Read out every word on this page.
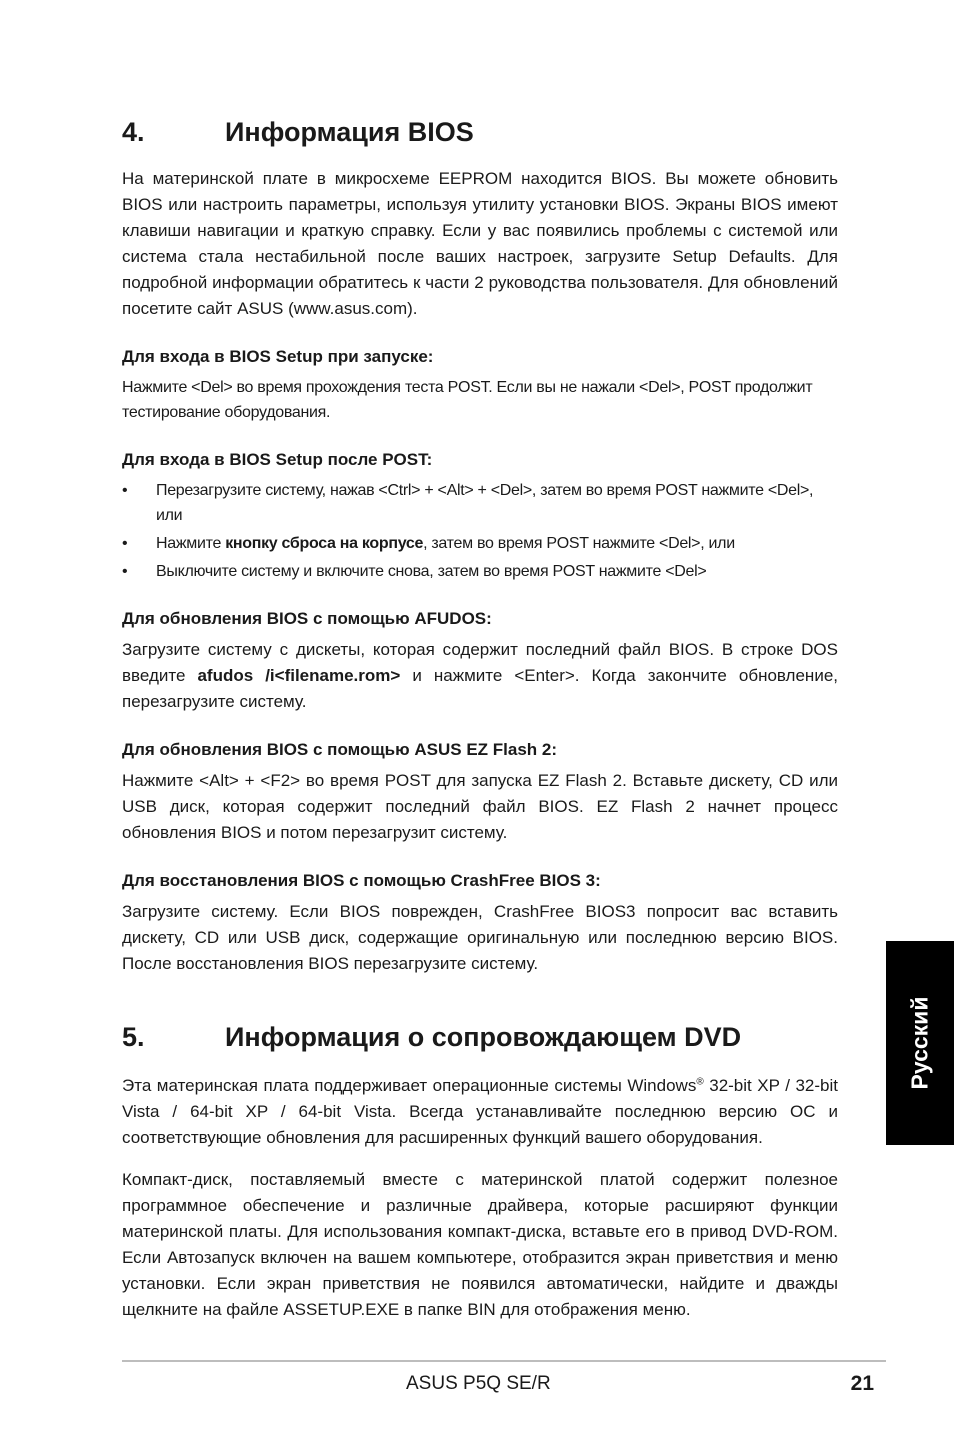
4.	Информация BIOS

На материнской плате в микросхеме EEPROM находится BIOS. Вы можете обновить BIOS или настроить параметры, используя утилиту установки BIOS. Экраны BIOS имеют клавиши навигации и краткую справку. Если у вас появились проблемы с системой или система стала нестабильной после ваших настроек, загрузите Setup Defaults. Для подробной информации обратитесь к части 2 руководства пользователя. Для обновлений посетите сайт ASUS (www.asus.com).

Для входа в BIOS Setup при запуске:

Нажмите <Del> во время прохождения теста POST. Если вы не нажали <Del>, POST продолжит тестирование оборудования.

Для входа в BIOS Setup после POST:
• Перезагрузите систему, нажав <Ctrl> + <Alt> + <Del>, затем во время POST нажмите <Del>, или
• Нажмите кнопку сброса на корпусе, затем во время POST нажмите <Del>, или
• Выключите систему и включите снова, затем во время POST нажмите <Del>
Для обновления BIOS с помощью AFUDOS:

Загрузите систему с дискеты, которая содержит последний файл BIOS. В строке DOS введите afudos /i<filename.rom> и нажмите <Enter>. Когда закончите обновление, перезагрузите систему.

Для обновления BIOS с помощью ASUS EZ Flash 2:

Нажмите <Alt> + <F2> во время POST для запуска EZ Flash 2. Вставьте дискету, CD или USB диск, которая содержит последний файл BIOS. EZ Flash 2 начнет процесс обновления BIOS и потом перезагрузит систему.

Для восстановления BIOS с помощью CrashFree BIOS 3:

Загрузите систему. Если BIOS поврежден, CrashFree BIOS3 попросит вас вставить дискету, CD или USB диск, содержащие оригинальную или последнюю версию BIOS. После восстановления BIOS перезагрузите систему.

5.	Информация о сопровождающем DVD

Эта материнская плата поддерживает операционные системы Windows® 32-bit XP / 32-bit Vista / 64-bit XP / 64-bit Vista. Всегда устанавливайте последнюю версию ОС и соответствующие обновления для расширенных функций вашего оборудования.

Компакт-диск, поставляемый вместе с материнской платой содержит полезное программное обеспечение и различные драйвера, которые расширяют функции материнской платы. Для использования компакт-диска, вставьте его в привод DVD-ROM. Если Автозапуск включен на вашем компьютере, отобразится экран приветствия и меню установки. Если экран приветствия не появился автоматически, найдите и дважды щелкните на файле ASSETUP.EXE в папке BIN для отображения меню.

Русский
ASUS P5Q SE/R	21
